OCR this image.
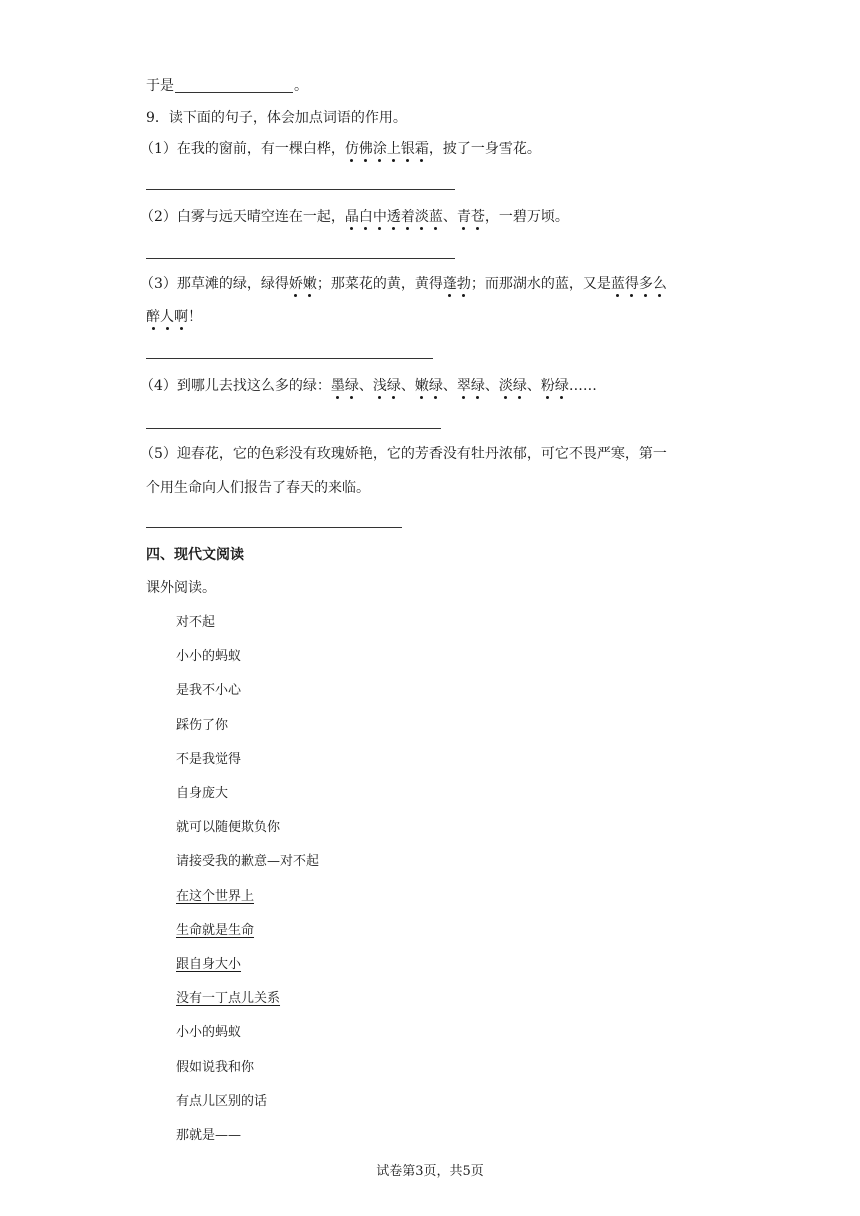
于是	。
9．读下面的句子，体会加点词语的作用。
（1）在我的窗前，有一棵白桦，仿佛涂上银霜，披了一身雪花。
（2）白雾与远天晴空连在一起，晶白中透着淡蓝、青苍，一碧万顷。
（3）那草滩的绿，绿得娇嫩；那菜花的黄，黄得蓬勃；而那湖水的蓝，又是蓝得多么
醉人啊！
（4）到哪儿去找这么多的绿：墨绿、浅绿、嫩绿、翠绿、淡绿、粉绿……
（5）迎春花，它的色彩没有玫瑰娇艳，它的芳香没有牡丹浓郁，可它不畏严寒，第一
个用生命向人们报告了春天的来临。
四、现代文阅读
课外阅读。
对不起
小小的蚂蚁
是我不小心
踩伤了你
不是我觉得
自身庞大
就可以随便欺负你
请接受我的歉意—对不起
在这个世界上
生命就是生命
跟自身大小
没有一丁点儿关系
小小的蚂蚁
假如说我和你
有点儿区别的话
那就是——
试卷第3页，共5页
